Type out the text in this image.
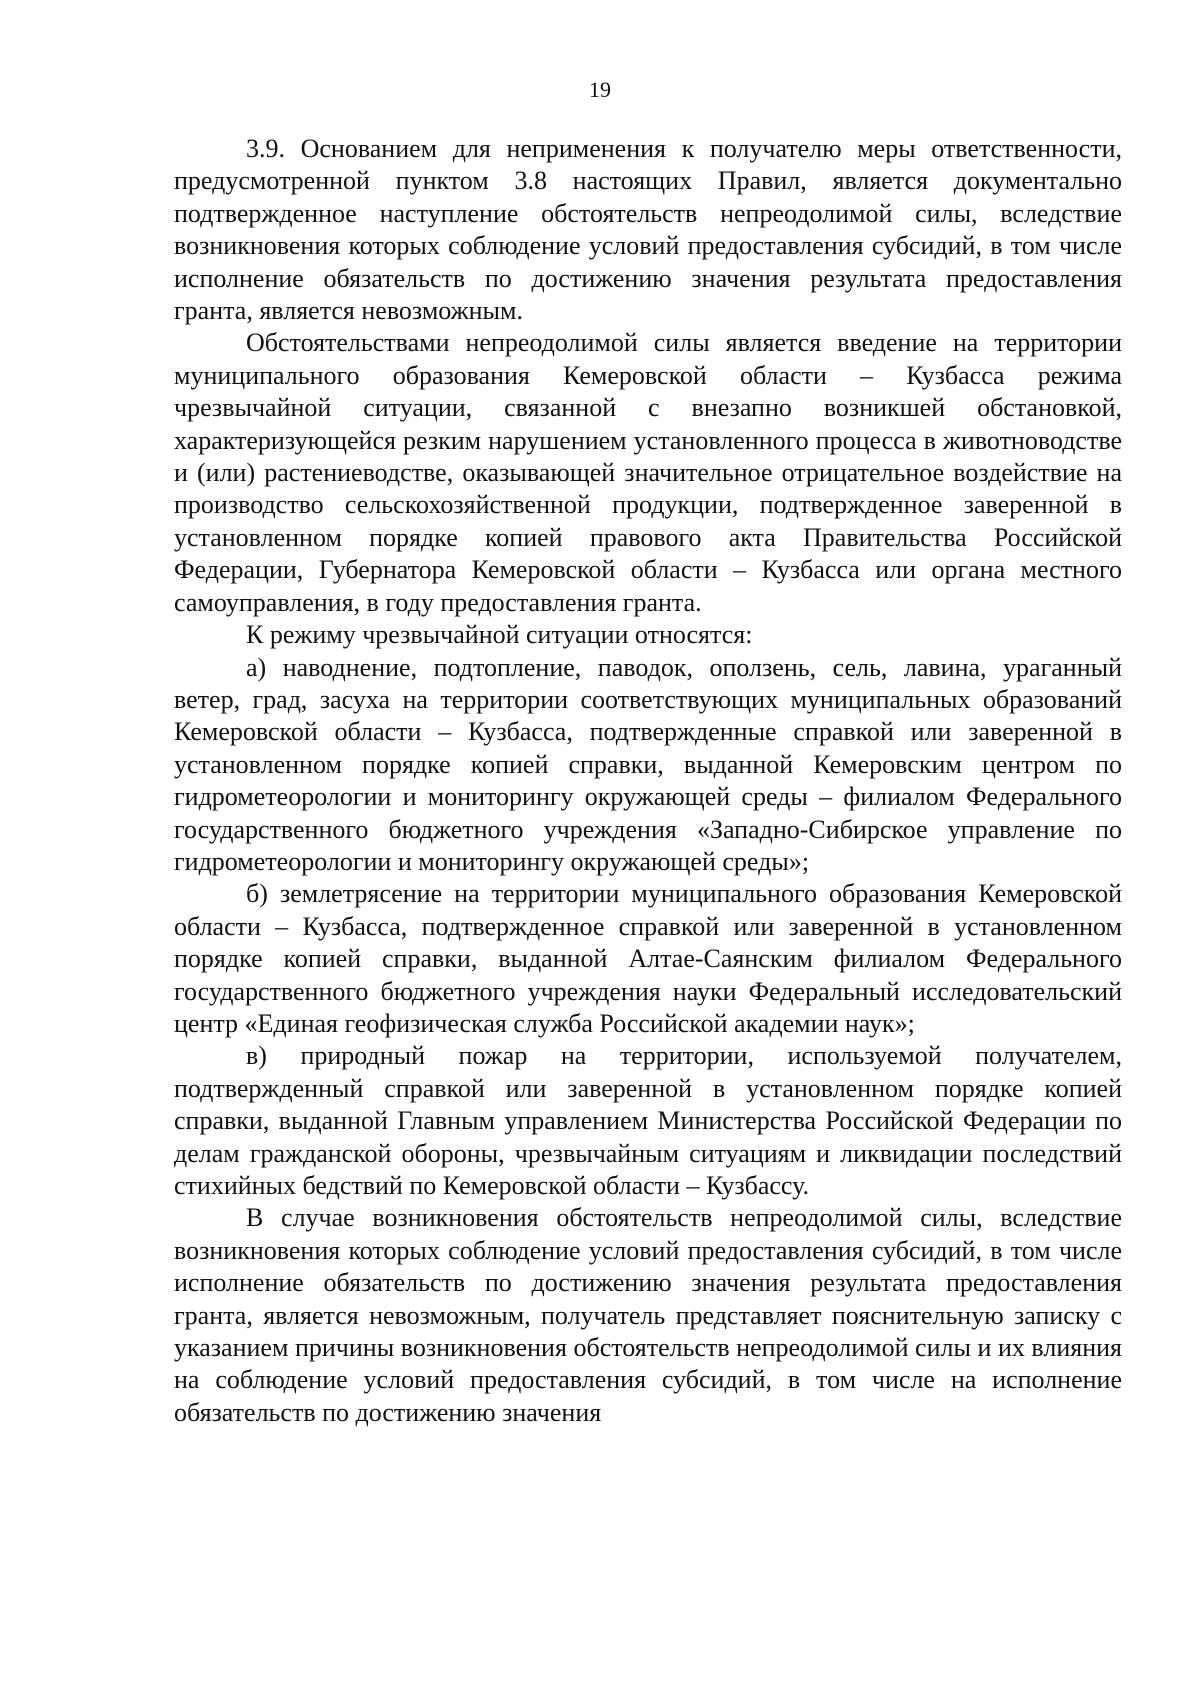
19

3.9. Основанием для неприменения к получателю меры ответственности, предусмотренной пунктом 3.8 настоящих Правил, является документально подтвержденное наступление обстоятельств непреодолимой силы, вследствие возникновения которых соблюдение условий предоставления субсидий, в том числе исполнение обязательств по достижению значения результата предоставления гранта, является невозможным.

Обстоятельствами непреодолимой силы является введение на территории муниципального образования Кемеровской области – Кузбасса режима чрезвычайной ситуации, связанной с внезапно возникшей обстановкой, характеризующейся резким нарушением установленного процесса в животноводстве и (или) растениеводстве, оказывающей значительное отрицательное воздействие на производство сельскохозяйственной продукции, подтвержденное заверенной в установленном порядке копией правового акта Правительства Российской Федерации, Губернатора Кемеровской области – Кузбасса или органа местного самоуправления, в году предоставления гранта.

К режиму чрезвычайной ситуации относятся:

а) наводнение, подтопление, паводок, оползень, сель, лавина, ураганный ветер, град, засуха на территории соответствующих муниципальных образований Кемеровской области – Кузбасса, подтвержденные справкой или заверенной в установленном порядке копией справки, выданной Кемеровским центром по гидрометеорологии и мониторингу окружающей среды – филиалом Федерального государственного бюджетного учреждения «Западно-Сибирское управление по гидрометеорологии и мониторингу окружающей среды»;

б) землетрясение на территории муниципального образования Кемеровской области – Кузбасса, подтвержденное справкой или заверенной в установленном порядке копией справки, выданной Алтае-Саянским филиалом Федерального государственного бюджетного учреждения науки Федеральный исследовательский центр «Единая геофизическая служба Российской академии наук»;

в) природный пожар на территории, используемой получателем, подтвержденный справкой или заверенной в установленном порядке копией справки, выданной Главным управлением Министерства Российской Федерации по делам гражданской обороны, чрезвычайным ситуациям и ликвидации последствий стихийных бедствий по Кемеровской области – Кузбассу.

В случае возникновения обстоятельств непреодолимой силы, вследствие возникновения которых соблюдение условий предоставления субсидий, в том числе исполнение обязательств по достижению значения результата предоставления гранта, является невозможным, получатель представляет пояснительную записку с указанием причины возникновения обстоятельств непреодолимой силы и их влияния на соблюдение условий предоставления субсидий, в том числе на исполнение обязательств по достижению значения
